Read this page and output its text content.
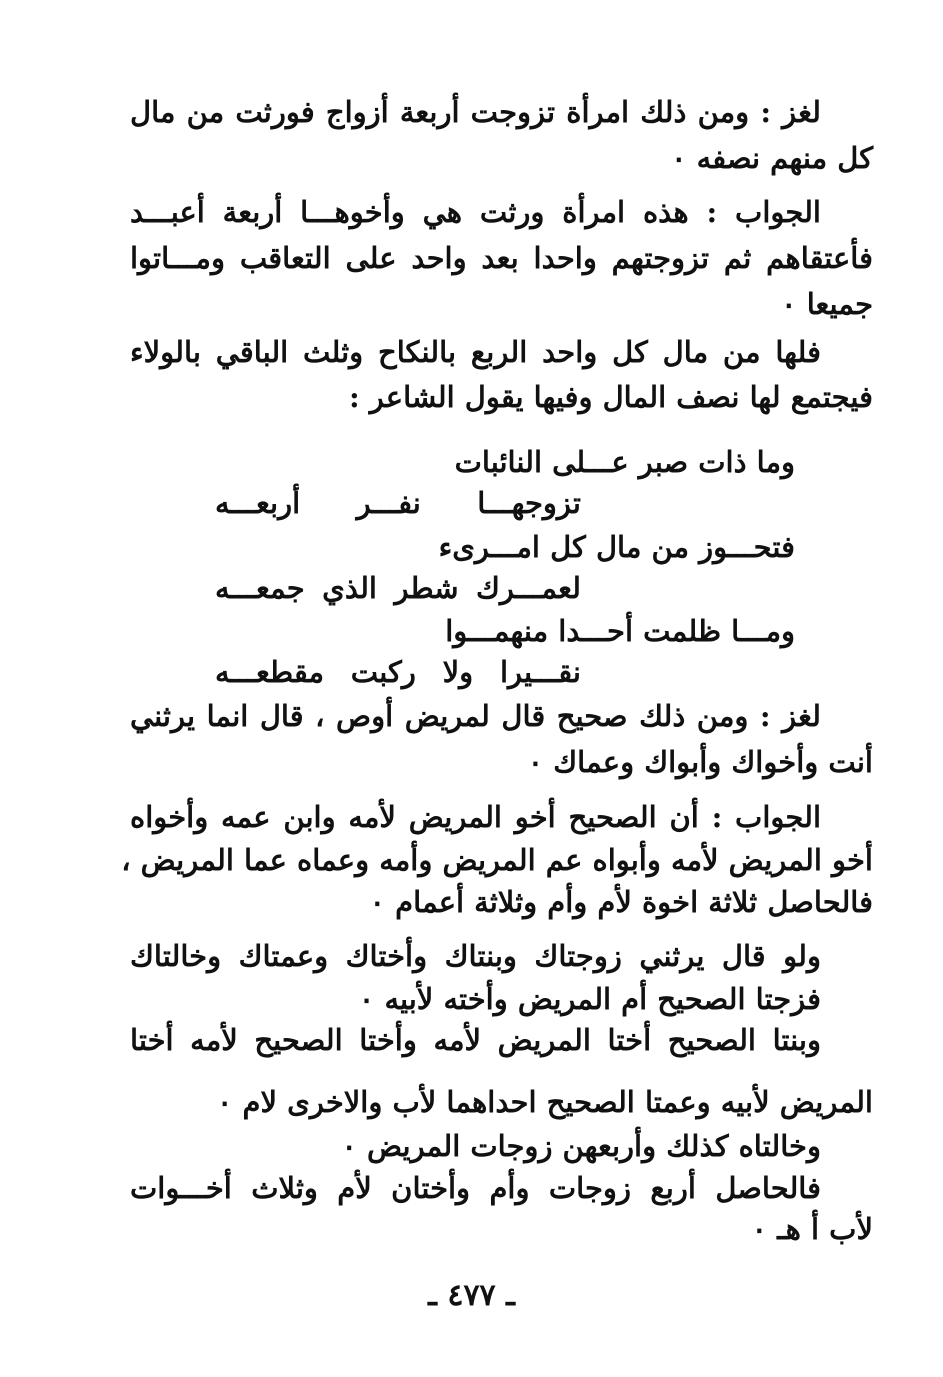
لغز : ومن ذلك امرأة تزوجت أربعة أزواج فورثت من مال
كل منهم نصفه ٠
الجواب : هذه امرأة ورثت هي وأخوهـــا أربعة أعبـــد
فأعتقاهم ثم تزوجتهم واحدا بعد واحد على التعاقب ومـــاتوا
جميعا ٠
فلها من مال كل واحد الربع بالنكاح وثلث الباقي بالولاء
فيجتمع لها نصف المال وفيها يقول الشاعر :
وما ذات صبر عـــلى النائبات
تزوجهـــا نفـــر أربعـــه
فتحـــوز من مال كل امـــرىء
لعمـــرك شطر الذي جمعـــه
ومـــا ظلمت أحـــدا منهمـــوا
نقـــيرا ولا ركبت مقطعـــه
لغز : ومن ذلك صحيح قال لمريض أوص ، قال انما يرثني
أنت وأخواك وأبواك وعماك ٠
الجواب : أن الصحيح أخو المريض لأمه وابن عمه وأخواه
أخو المريض لأمه وأبواه عم المريض وأمه وعماه عما المريض ،
فالحاصل ثلاثة اخوة لأم وأم وثلاثة أعمام ٠
ولو قال يرثني زوجتاك وبنتاك وأختاك وعمتاك وخالتاك
فزجتا الصحيح أم المريض وأخته لأبيه ٠
وبنتا الصحيح أختا المريض لأمه وأختا الصحيح لأمه أختا
المريض لأبيه وعمتا الصحيح احداهما لأب والاخرى لام ٠
وخالتاه كذلك وأربعهن زوجات المريض ٠
فالحاصل أربع زوجات وأم وأختان لأم وثلاث أخـــوات
لأب أ هـ ٠
ـ ٤٧٧ ـ
